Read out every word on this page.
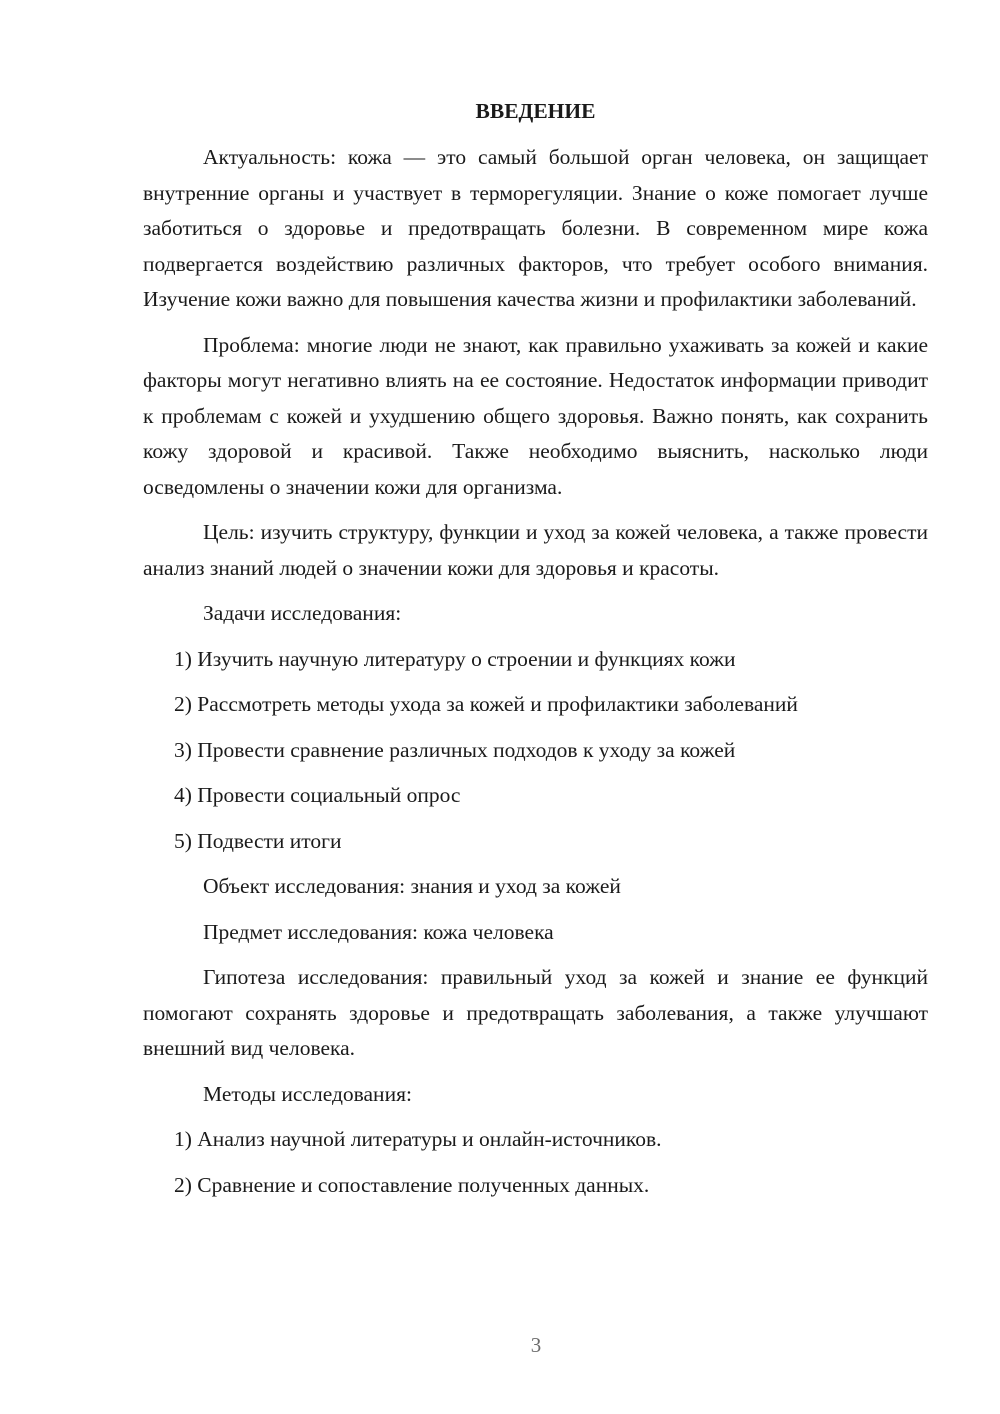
ВВЕДЕНИЕ

Актуальность: кожа — это самый большой орган человека, он защищает внутренние органы и участвует в терморегуляции. Знание о коже помогает лучше заботиться о здоровье и предотвращать болезни. В современном мире кожа подвергается воздействию различных факторов, что требует особого внимания. Изучение кожи важно для повышения качества жизни и профилактики заболеваний.

Проблема: многие люди не знают, как правильно ухаживать за кожей и какие факторы могут негативно влиять на ее состояние. Недостаток информации приводит к проблемам с кожей и ухудшению общего здоровья. Важно понять, как сохранить кожу здоровой и красивой. Также необходимо выяснить, насколько люди осведомлены о значении кожи для организма.

Цель: изучить структуру, функции и уход за кожей человека, а также провести анализ знаний людей о значении кожи для здоровья и красоты.

Задачи исследования:

1) Изучить научную литературу о строении и функциях кожи

2) Рассмотреть методы ухода за кожей и профилактики заболеваний

3) Провести сравнение различных подходов к уходу за кожей

4) Провести социальный опрос

5) Подвести итоги

Объект исследования: знания и уход за кожей

Предмет исследования: кожа человека

Гипотеза исследования: правильный уход за кожей и знание ее функций помогают сохранять здоровье и предотвращать заболевания, а также улучшают внешний вид человека.

Методы исследования:

1) Анализ научной литературы и онлайн-источников.

2) Сравнение и сопоставление полученных данных.

3
